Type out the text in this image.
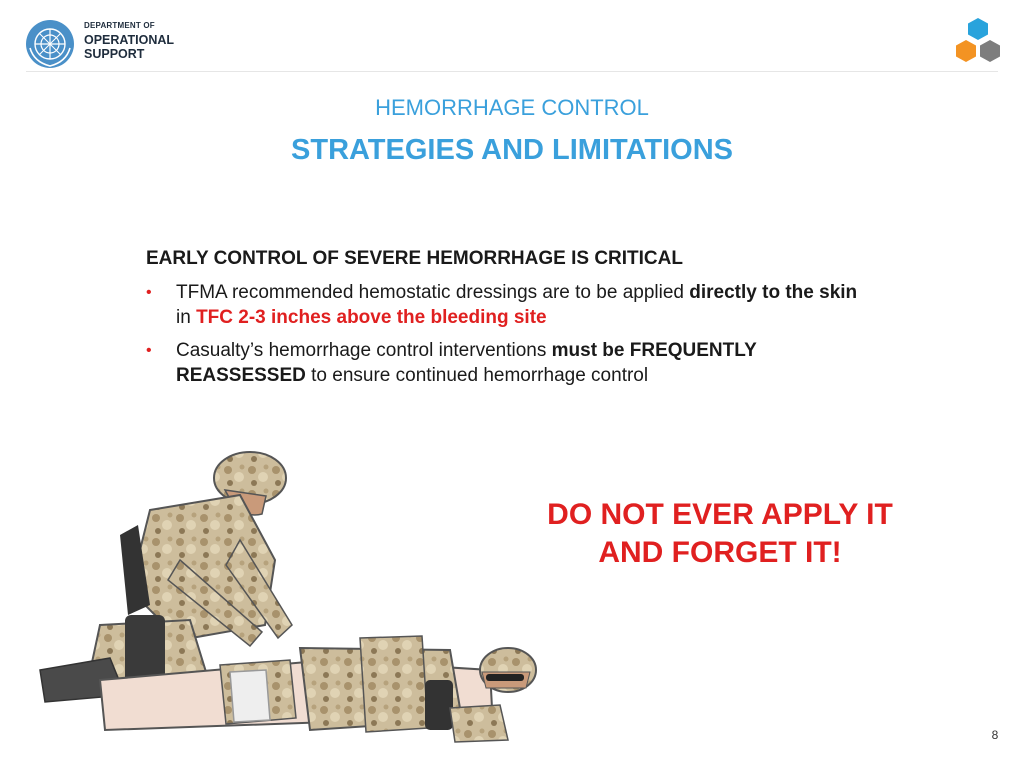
DEPARTMENT OF
OPERATIONAL
SUPPORT
HEMORRHAGE CONTROL
STRATEGIES AND LIMITATIONS
EARLY CONTROL OF SEVERE HEMORRHAGE IS CRITICAL
• TFMA recommended hemostatic dressings are to be applied directly to the skin in TFC 2-3 inches above the bleeding site
• Casualty’s hemorrhage control interventions must be FREQUENTLY REASSESSED to ensure continued hemorrhage control
DO NOT EVER APPLY IT
AND FORGET IT!
8
